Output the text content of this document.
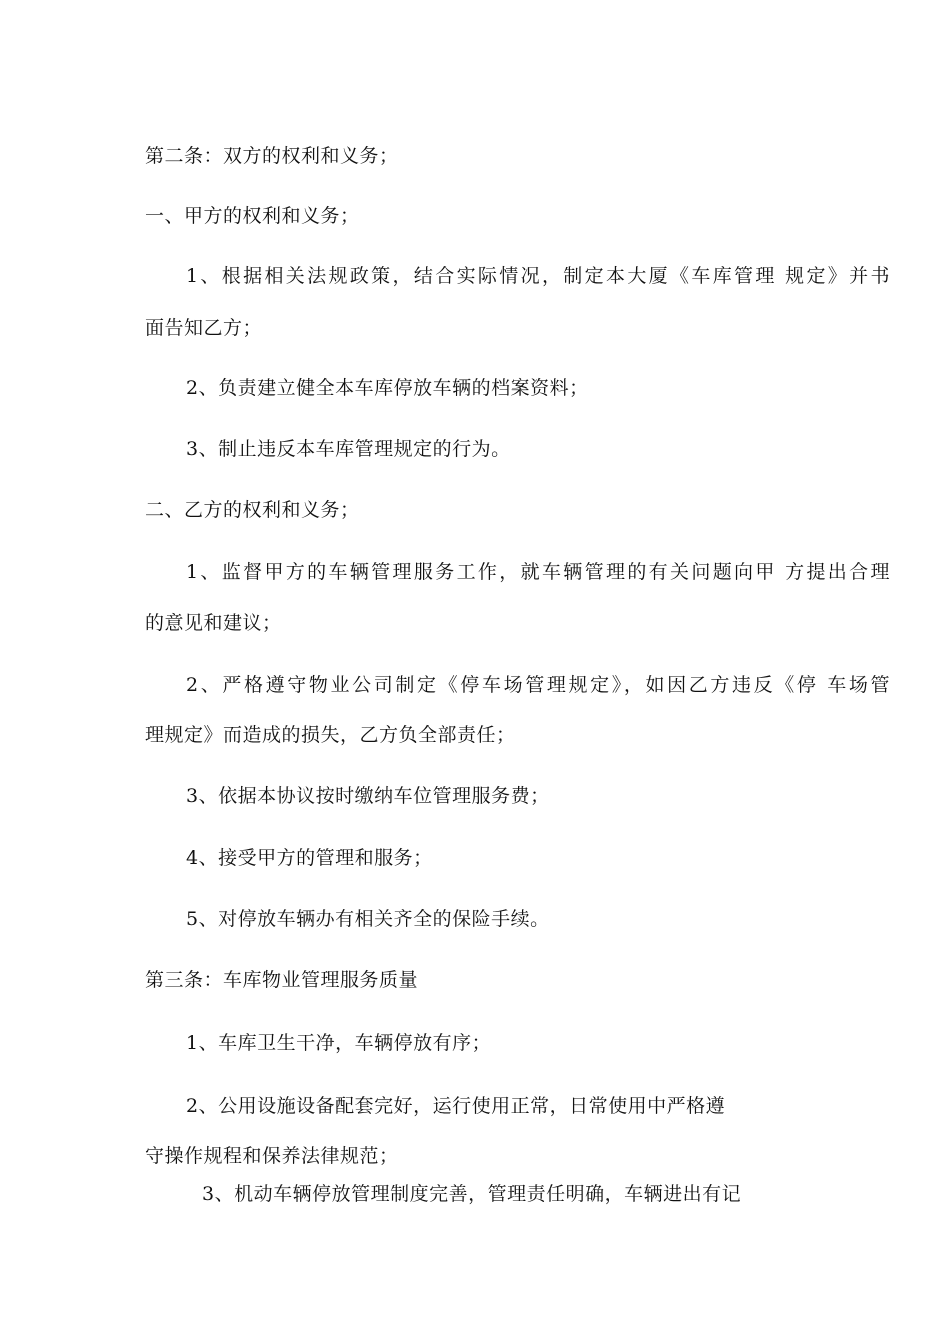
第二条：双方的权利和义务；

一、甲方的权利和义务；

1、根据相关法规政策，结合实际情况，制定本大厦《车库管理 规定》并书

面告知乙方；

2、负责建立健全本车库停放车辆的档案资料；

3、制止违反本车库管理规定的行为。

二、乙方的权利和义务；

1、监督甲方的车辆管理服务工作，就车辆管理的有关问题向甲 方提出合理

的意见和建议；

2、严格遵守物业公司制定《停车场管理规定》，如因乙方违反《停 车场管

理规定》而造成的损失，乙方负全部责任；

3、依据本协议按时缴纳车位管理服务费；

4、接受甲方的管理和服务；

5、对停放车辆办有相关齐全的保险手续。

第三条：车库物业管理服务质量

1、车库卫生干净，车辆停放有序；

2、公用设施设备配套完好，运行使用正常，日常使用中严格遵

守操作规程和保养法律规范；

3、机动车辆停放管理制度完善，管理责任明确，车辆进出有记
